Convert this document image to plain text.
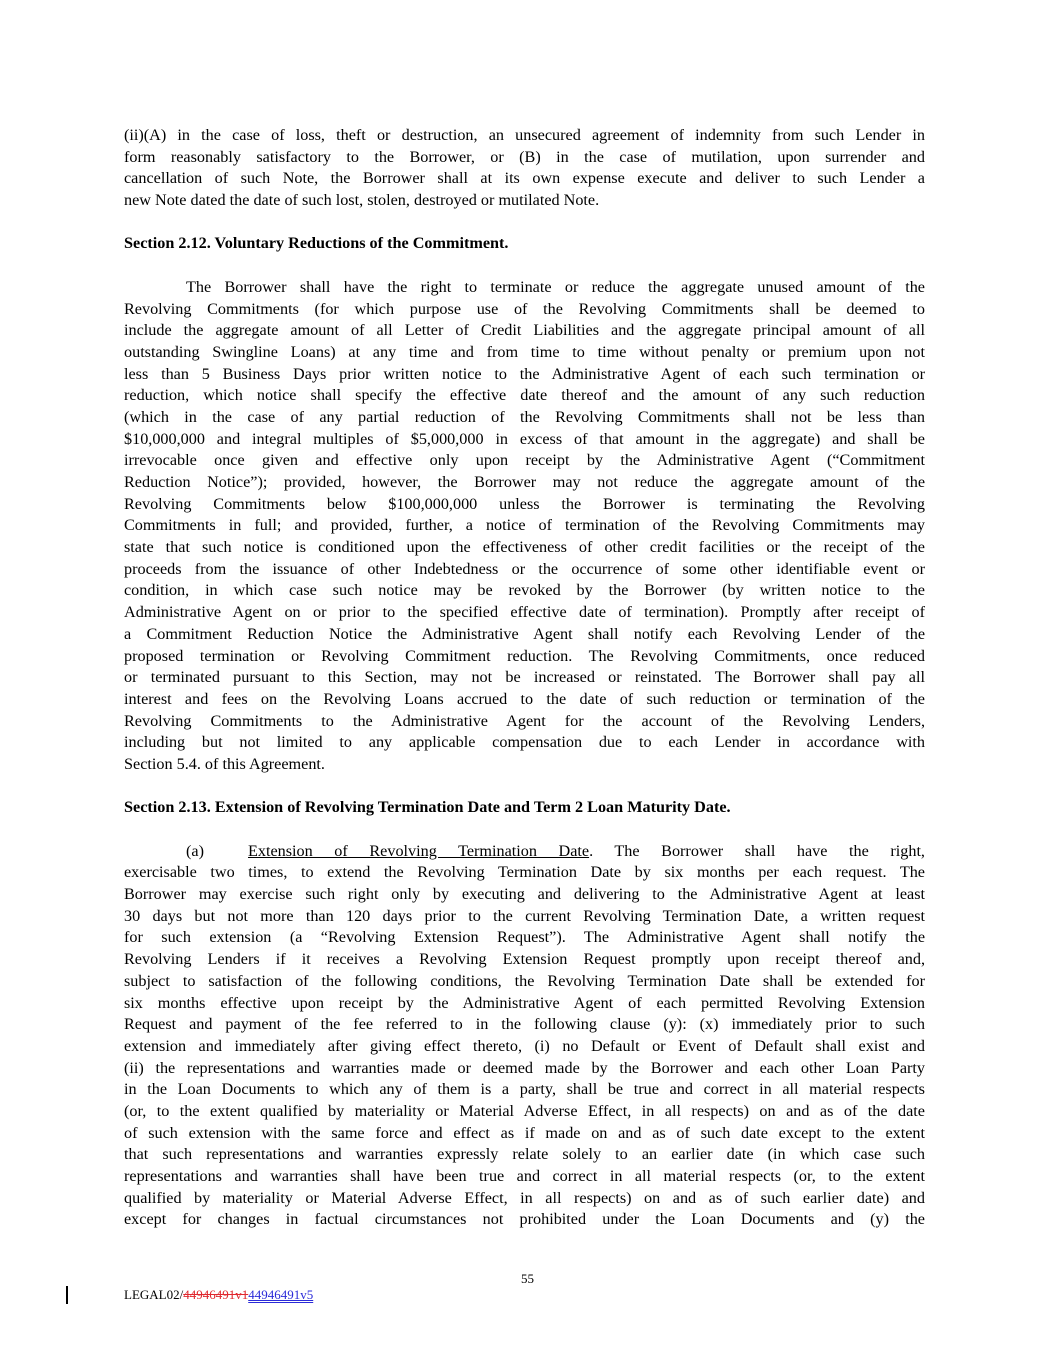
(ii)(A) in the case of loss, theft or destruction, an unsecured agreement of indemnity from such Lender in
form reasonably satisfactory to the Borrower, or (B) in the case of mutilation, upon surrender and
cancellation of such Note, the Borrower shall at its own expense execute and deliver to such Lender a
new Note dated the date of such lost, stolen, destroyed or mutilated Note.
Section 2.12. Voluntary Reductions of the Commitment.
The Borrower shall have the right to terminate or reduce the aggregate unused amount of the
Revolving Commitments (for which purpose use of the Revolving Commitments shall be deemed to
include the aggregate amount of all Letter of Credit Liabilities and the aggregate principal amount of all
outstanding Swingline Loans) at any time and from time to time without penalty or premium upon not
less than 5 Business Days prior written notice to the Administrative Agent of each such termination or
reduction, which notice shall specify the effective date thereof and the amount of any such reduction
(which in the case of any partial reduction of the Revolving Commitments shall not be less than
$10,000,000 and integral multiples of $5,000,000 in excess of that amount in the aggregate) and shall be
irrevocable once given and effective only upon receipt by the Administrative Agent (“Commitment
Reduction Notice”); provided, however, the Borrower may not reduce the aggregate amount of the
Revolving Commitments below $100,000,000 unless the Borrower is terminating the Revolving
Commitments in full; and provided, further, a notice of termination of the Revolving Commitments may
state that such notice is conditioned upon the effectiveness of other credit facilities or the receipt of the
proceeds from the issuance of other Indebtedness or the occurrence of some other identifiable event or
condition, in which case such notice may be revoked by the Borrower (by written notice to the
Administrative Agent on or prior to the specified effective date of termination). Promptly after receipt of
a Commitment Reduction Notice the Administrative Agent shall notify each Revolving Lender of the
proposed termination or Revolving Commitment reduction. The Revolving Commitments, once reduced
or terminated pursuant to this Section, may not be increased or reinstated. The Borrower shall pay all
interest and fees on the Revolving Loans accrued to the date of such reduction or termination of the
Revolving Commitments to the Administrative Agent for the account of the Revolving Lenders,
including but not limited to any applicable compensation due to each Lender in accordance with
Section 5.4. of this Agreement.
Section 2.13. Extension of Revolving Termination Date and Term 2 Loan Maturity Date.
(a)	Extension of Revolving Termination Date. The Borrower shall have the right,
exercisable two times, to extend the Revolving Termination Date by six months per each request. The
Borrower may exercise such right only by executing and delivering to the Administrative Agent at least
30 days but not more than 120 days prior to the current Revolving Termination Date, a written request
for such extension (a “Revolving Extension Request”). The Administrative Agent shall notify the
Revolving Lenders if it receives a Revolving Extension Request promptly upon receipt thereof and,
subject to satisfaction of the following conditions, the Revolving Termination Date shall be extended for
six months effective upon receipt by the Administrative Agent of each permitted Revolving Extension
Request and payment of the fee referred to in the following clause (y): (x) immediately prior to such
extension and immediately after giving effect thereto, (i) no Default or Event of Default shall exist and
(ii) the representations and warranties made or deemed made by the Borrower and each other Loan Party
in the Loan Documents to which any of them is a party, shall be true and correct in all material respects
(or, to the extent qualified by materiality or Material Adverse Effect, in all respects) on and as of the date
of such extension with the same force and effect as if made on and as of such date except to the extent
that such representations and warranties expressly relate solely to an earlier date (in which case such
representations and warranties shall have been true and correct in all material respects (or, to the extent
qualified by materiality or Material Adverse Effect, in all respects) on and as of such earlier date) and
except for changes in factual circumstances not prohibited under the Loan Documents and (y) the
55
LEGAL02/44946491v144946491v5
